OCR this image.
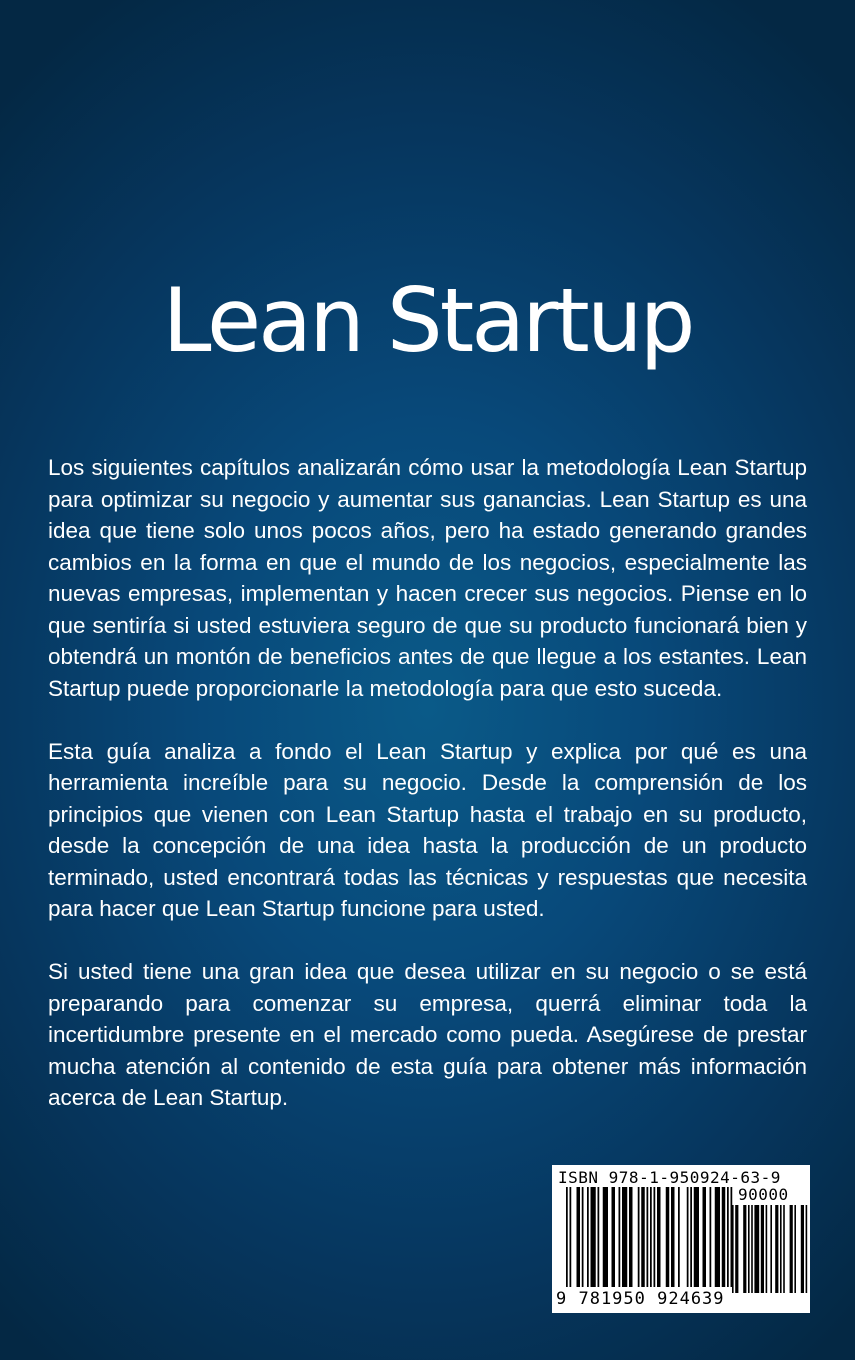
Lean Startup

Los siguientes capítulos analizarán cómo usar la metodología Lean Startup para optimizar su negocio y aumentar sus ganancias. Lean Startup es una idea que tiene solo unos pocos años, pero ha estado generando grandes cambios en la forma en que el mundo de los negocios, especialmente las nuevas empresas, implementan y hacen crecer sus negocios. Piense en lo que sentiría si usted estuviera seguro de que su producto funcionará bien y obtendrá un montón de beneficios antes de que llegue a los estantes. Lean Startup puede proporcionarle la metodología para que esto suceda.

Esta guía analiza a fondo el Lean Startup y explica por qué es una herramienta increíble para su negocio. Desde la comprensión de los principios que vienen con Lean Startup hasta el trabajo en su producto, desde la concepción de una idea hasta la producción de un producto terminado, usted encontrará todas las técnicas y respuestas que necesita para hacer que Lean Startup funcione para usted.

Si usted tiene una gran idea que desea utilizar en su negocio o se está preparando para comenzar su empresa, querrá eliminar toda la incertidumbre presente en el mercado como pueda. Asegúrese de prestar mucha atención al contenido de esta guía para obtener más información acerca de Lean Startup.

ISBN 978-1-950924-63-9
90000
9 781950 924639
